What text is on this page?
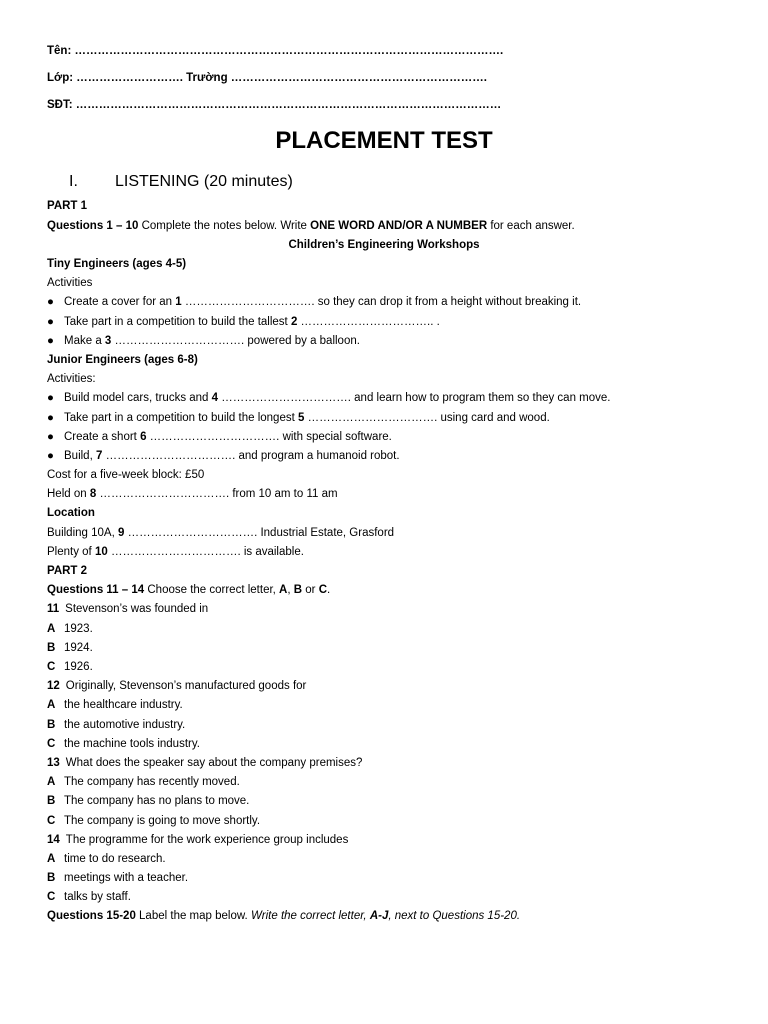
Tên: ………………………………………………………………………………………………….
Lớp: ………………………. Trường ………………………………………………………….
SĐT: …………………………………………………………………………………………………
PLACEMENT TEST
I. LISTENING (20 minutes)
PART 1
Questions 1 – 10 Complete the notes below. Write ONE WORD AND/OR A NUMBER for each answer.
Children’s Engineering Workshops
Tiny Engineers (ages 4-5)
Activities
● Create a cover for an 1 ……………………………. so they can drop it from a height without breaking it.
● Take part in a competition to build the tallest 2 …………………………….. .
● Make a 3 ……………………………. powered by a balloon.
Junior Engineers (ages 6-8)
Activities:
● Build model cars, trucks and 4 ……………………………. and learn how to program them so they can move.
● Take part in a competition to build the longest 5 ……………………………. using card and wood.
● Create a short 6 ……………………………. with special software.
● Build, 7 ……………………………. and program a humanoid robot.
Cost for a five-week block: £50
Held on 8 ……………………………. from 10 am to 11 am
Location
Building 10A, 9 ……………………………. Industrial Estate, Grasford
Plenty of 10 ……………………………. is available.
PART 2
Questions 11 – 14 Choose the correct letter, A, B or C.
11 Stevenson’s was founded in
A 1923.
B 1924.
C 1926.
12 Originally, Stevenson’s manufactured goods for
A the healthcare industry.
B the automotive industry.
C the machine tools industry.
13 What does the speaker say about the company premises?
A The company has recently moved.
B The company has no plans to move.
C The company is going to move shortly.
14 The programme for the work experience group includes
A time to do research.
B meetings with a teacher.
C talks by staff.
Questions 15-20 Label the map below. Write the correct letter, A-J, next to Questions 15-20.
